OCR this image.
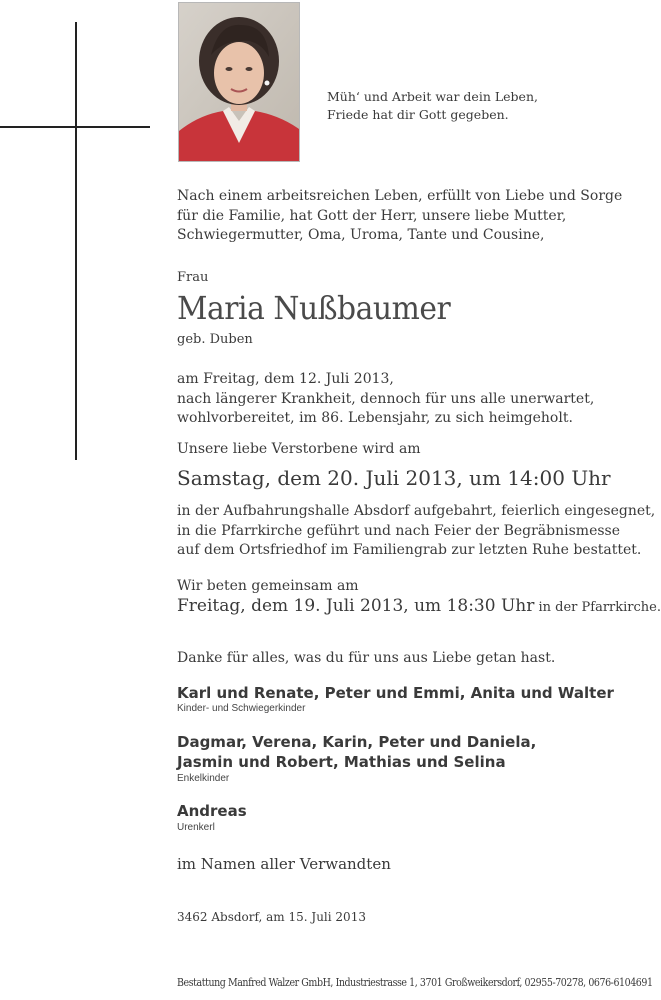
Müh‘ und Arbeit war dein Leben,
Friede hat dir Gott gegeben.
Nach einem arbeitsreichen Leben, erfüllt von Liebe und Sorge
für die Familie, hat Gott der Herr, unsere liebe Mutter,
Schwiegermutter, Oma, Uroma, Tante und Cousine,
Frau
Maria Nußbaumer
geb. Duben
am Freitag, dem 12. Juli 2013,
nach längerer Krankheit, dennoch für uns alle unerwartet,
wohlvorbereitet, im 86. Lebensjahr, zu sich heimgeholt.
Unsere liebe Verstorbene wird am
Samstag, dem 20. Juli 2013, um 14:00 Uhr
in der Aufbahrungshalle Absdorf aufgebahrt, feierlich eingesegnet,
in die Pfarrkirche geführt und nach Feier der Begräbnismesse
auf dem Ortsfriedhof im Familiengrab zur letzten Ruhe bestattet.
Wir beten gemeinsam am
Freitag, dem 19. Juli 2013, um 18:30 Uhr in der Pfarrkirche.
Danke für alles, was du für uns aus Liebe getan hast.
Karl und Renate, Peter und Emmi, Anita und Walter
Kinder- und Schwiegerkinder
Dagmar, Verena, Karin, Peter und Daniela,
Jasmin und Robert, Mathias und Selina
Enkelkinder
Andreas
Urenkerl
im Namen aller Verwandten
3462 Absdorf, am 15. Juli 2013
Bestattung Manfred Walzer GmbH, Industriestrasse 1, 3701 Großweikersdorf, 02955-70278, 0676-6104691
